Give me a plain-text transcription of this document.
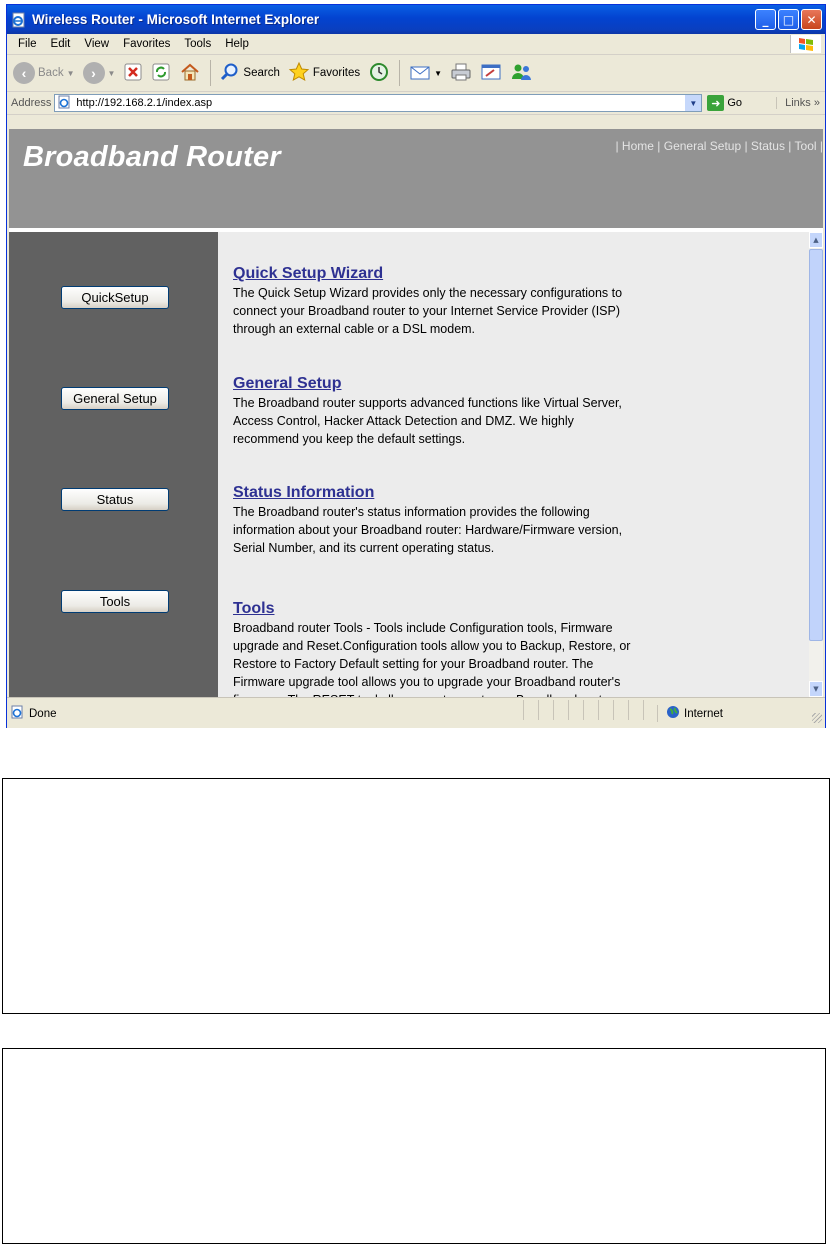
Wireless Router - Microsoft Internet Explorer	_ □ ✕
File	Edit	View	Favorites	Tools	Help
‹	Back ▼	›	▼	Search	Favorites	▼
Address http://192.168.2.1/index.asp	▼	➜ Go	Links »
Broadband Router	| Home | General Setup | Status | Tool |
QuickSetup
General Setup
Status
Tools
Quick Setup Wizard
The Quick Setup Wizard provides only the necessary configurations to
connect your Broadband router to your Internet Service Provider (ISP)
through an external cable or a DSL modem.
General Setup
The Broadband router supports advanced functions like Virtual Server,
Access Control, Hacker Attack Detection and DMZ. We highly
recommend you keep the default settings.
Status Information
The Broadband router's status information provides the following
information about your Broadband router: Hardware/Firmware version,
Serial Number, and its current operating status.
Tools
Broadband router Tools - Tools include Configuration tools, Firmware
upgrade and Reset.Configuration tools allow you to Backup, Restore, or
Restore to Factory Default setting for your Broadband router. The
Firmware upgrade tool allows you to upgrade your Broadband router's
▲
▼
Done	Internet
